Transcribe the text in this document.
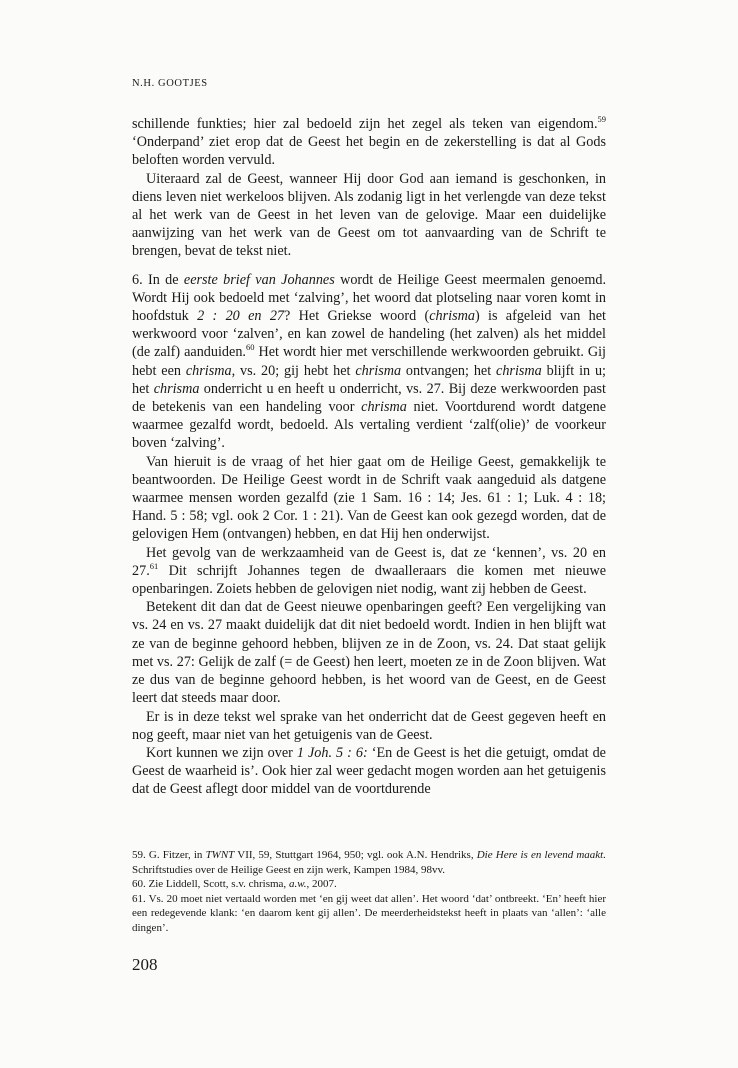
N.H. GOOTJES

schillende funkties; hier zal bedoeld zijn het zegel als teken van eigendom.$^{59}$ ‘Onderpand’ ziet erop dat de Geest het begin en de zekerstelling is dat al Gods beloften worden vervuld.

Uiteraard zal de Geest, wanneer Hij door God aan iemand is geschonken, in diens leven niet werkeloos blijven. Als zodanig ligt in het verlengde van deze tekst al het werk van de Geest in het leven van de gelovige. Maar een duidelijke aanwijzing van het werk van de Geest om tot aanvaarding van de Schrift te brengen, bevat de tekst niet.

6. In de eerste brief van Johannes wordt de Heilige Geest meermalen genoemd. Wordt Hij ook bedoeld met ‘zalving’, het woord dat plotseling naar voren komt in hoofdstuk 2 : 20 en 27? Het Griekse woord (chrisma) is afgeleid van het werkwoord voor ‘zalven’, en kan zowel de handeling (het zalven) als het middel (de zalf) aanduiden.$^{60}$ Het wordt hier met verschillende werkwoorden gebruikt. Gij hebt een chrisma, vs. 20; gij hebt het chrisma ontvangen; het chrisma blijft in u; het chrisma onderricht u en heeft u onderricht, vs. 27. Bij deze werkwoorden past de betekenis van een handeling voor chrisma niet. Voortdurend wordt datgene waarmee gezalfd wordt, bedoeld. Als vertaling verdient ‘zalf(olie)’ de voorkeur boven ‘zalving’.

Van hieruit is de vraag of het hier gaat om de Heilige Geest, gemakkelijk te beantwoorden. De Heilige Geest wordt in de Schrift vaak aangeduid als datgene waarmee mensen worden gezalfd (zie 1 Sam. 16 : 14; Jes. 61 : 1; Luk. 4 : 18; Hand. 5 : 58; vgl. ook 2 Cor. 1 : 21). Van de Geest kan ook gezegd worden, dat de gelovigen Hem (ontvangen) hebben, en dat Hij hen onderwijst.

Het gevolg van de werkzaamheid van de Geest is, dat ze ‘kennen’, vs. 20 en 27.61 Dit schrijft Johannes tegen de dwaalleraars die komen met nieuwe openbaringen. Zoiets hebben de gelovigen niet nodig, want zij hebben de Geest.

Betekent dit dan dat de Geest nieuwe openbaringen geeft? Een vergelijking van vs. 24 en vs. 27 maakt duidelijk dat dit niet bedoeld wordt. Indien in hen blijft wat ze van de beginne gehoord hebben, blijven ze in de Zoon, vs. 24. Dat staat gelijk met vs. 27: Gelijk de zalf (= de Geest) hen leert, moeten ze in de Zoon blijven. Wat ze dus van de beginne gehoord hebben, is het woord van de Geest, en de Geest leert dat steeds maar door.

Er is in deze tekst wel sprake van het onderricht dat de Geest gegeven heeft en nog geeft, maar niet van het getuigenis van de Geest.

Kort kunnen we zijn over 1 Joh. 5 : 6: ‘En de Geest is het die getuigt, omdat de Geest de waarheid is’. Ook hier zal weer gedacht mogen worden aan het getuigenis dat de Geest aflegt door middel van de voortdurende

59. G. Fitzer, in TWNT VII, 59, Stuttgart 1964, 950; vgl. ook A.N. Hendriks, Die Here is en levend maakt. Schriftstudies over de Heilige Geest en zijn werk, Kampen 1984, 98vv.

60. Zie Liddell, Scott, s.v. chrisma, a.w., 2007.

61. Vs. 20 moet niet vertaald worden met ‘en gij weet dat allen’. Het woord ‘dat’ ontbreekt. ‘En’ heeft hier een redegevende klank: ‘en daarom kent gij allen’. De meerderheidstekst heeft in plaats van ‘allen’: ‘alle dingen’.

208
